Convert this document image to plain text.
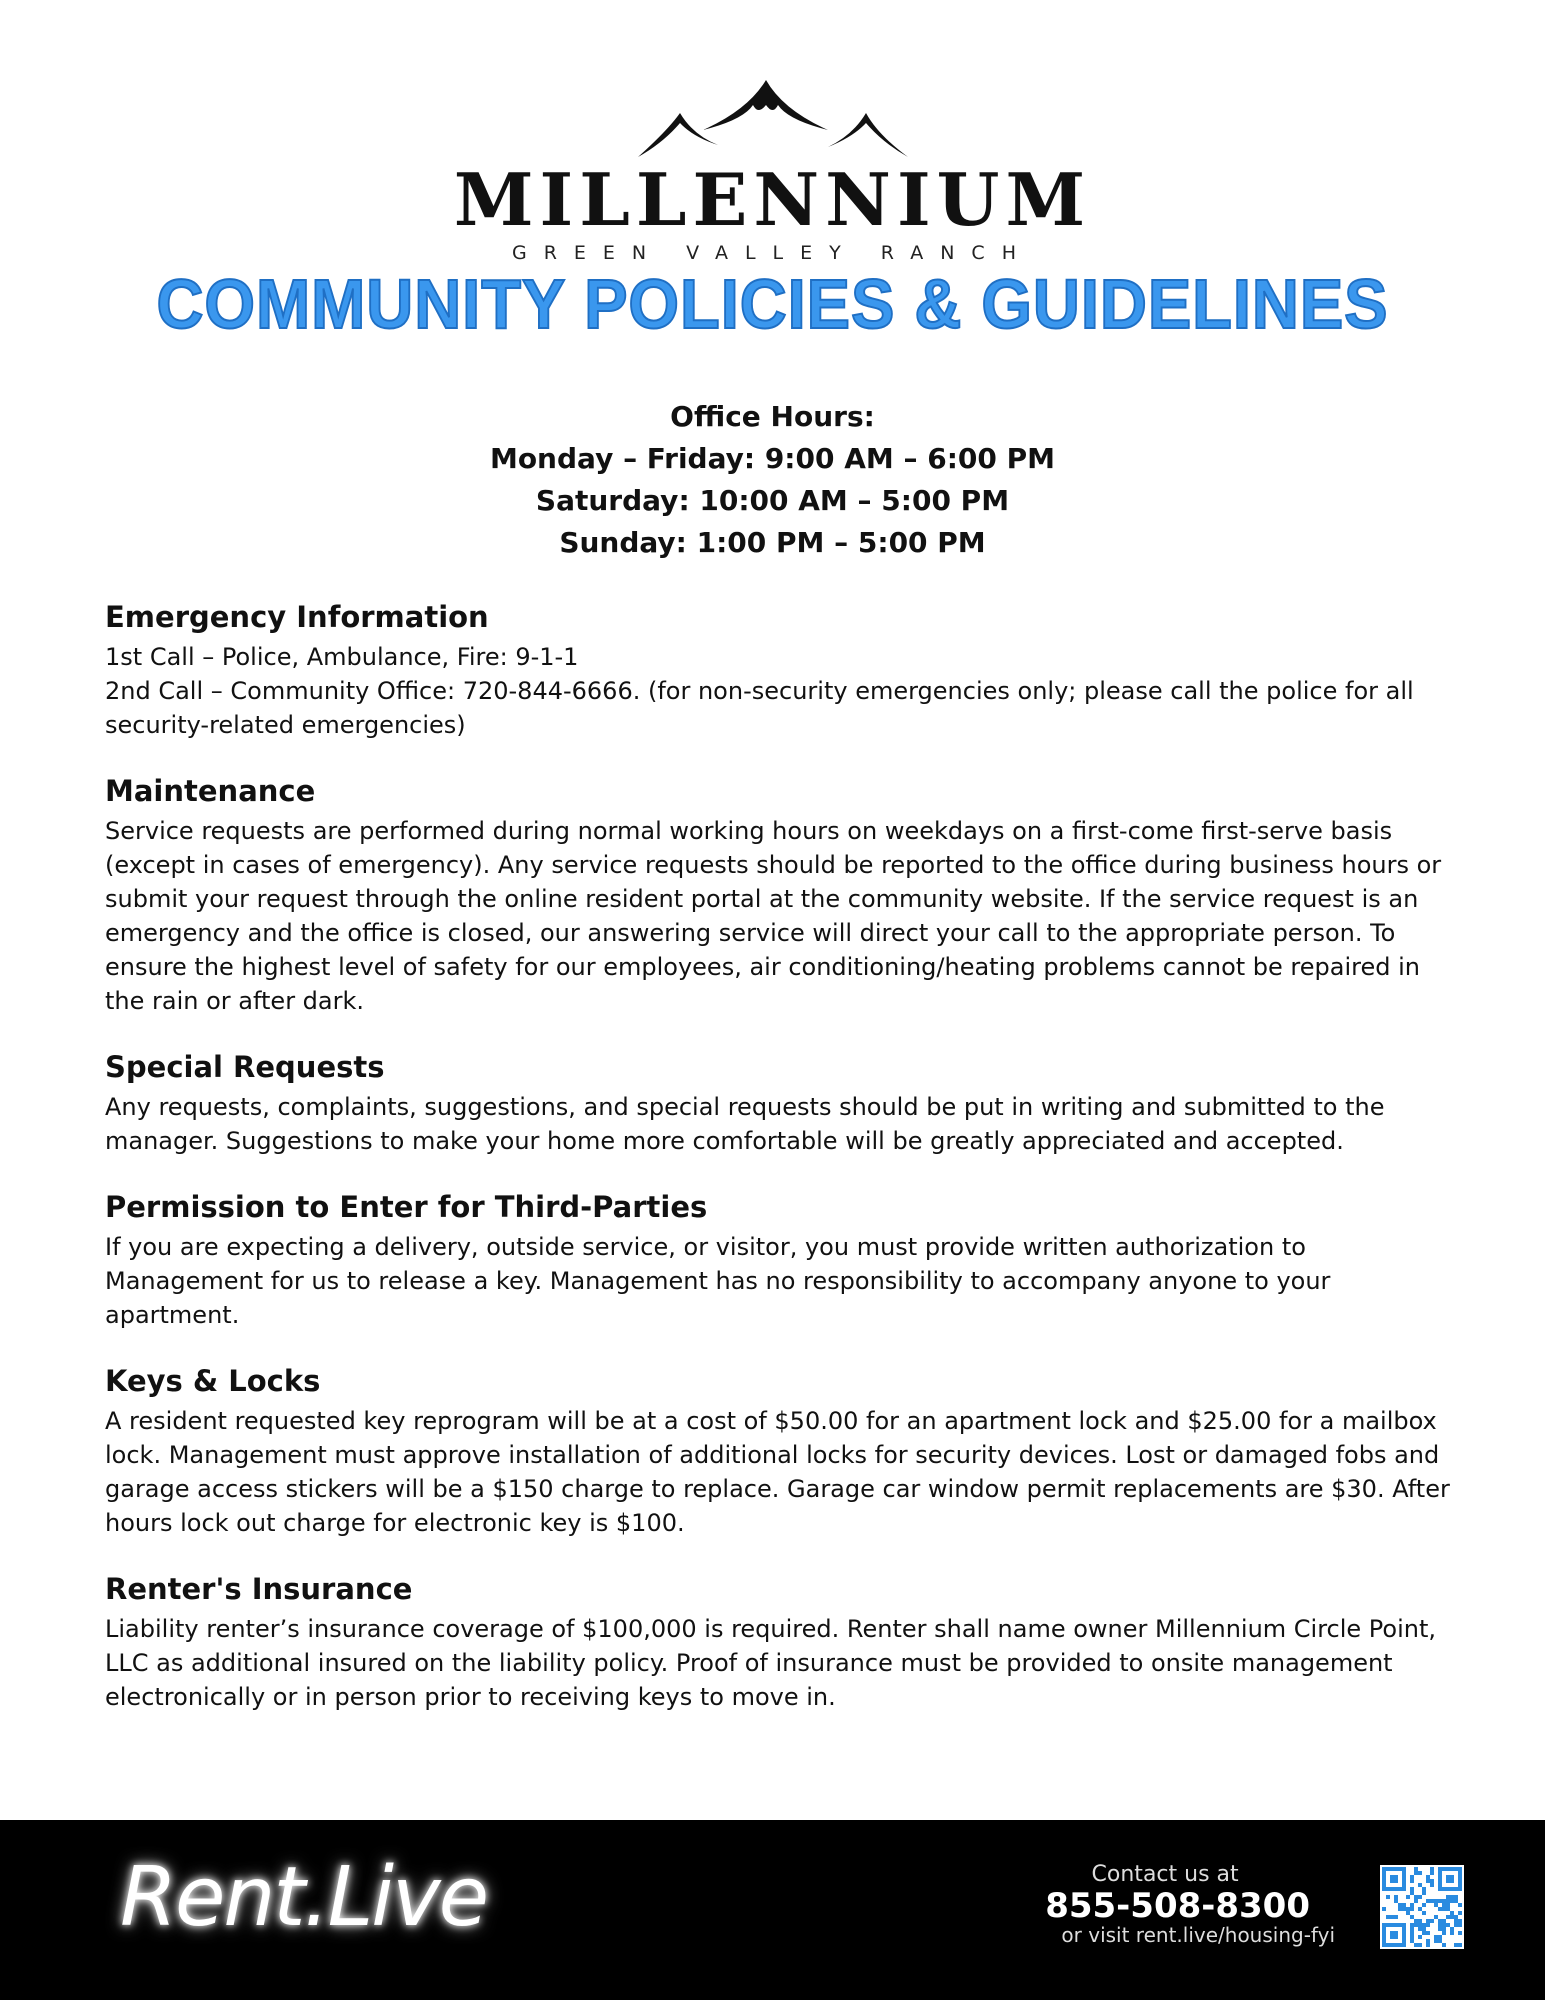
MILLENNIUM
GREEN VALLEY RANCH
COMMUNITY POLICIES & GUIDELINES
Office Hours:
Monday – Friday: 9:00 AM – 6:00 PM
Saturday: 10:00 AM – 5:00 PM
Sunday: 1:00 PM – 5:00 PM
Emergency Information

1st Call – Police, Ambulance, Fire: 9-1-1

2nd Call – Community Office: 720-844-6666. (for non-security emergencies only; please call the police for all security-related emergencies)

Maintenance

Service requests are performed during normal working hours on weekdays on a first-come first-serve basis (except in cases of emergency). Any service requests should be reported to the office during business hours or submit your request through the online resident portal at the community website. If the service request is an emergency and the office is closed, our answering service will direct your call to the appropriate person. To ensure the highest level of safety for our employees, air conditioning/heating problems cannot be repaired in the rain or after dark.

Special Requests

Any requests, complaints, suggestions, and special requests should be put in writing and submitted to the manager. Suggestions to make your home more comfortable will be greatly appreciated and accepted.

Permission to Enter for Third-Parties

If you are expecting a delivery, outside service, or visitor, you must provide written authorization to Management for us to release a key. Management has no responsibility to accompany anyone to your apartment.

Keys & Locks

A resident requested key reprogram will be at a cost of $50.00 for an apartment lock and $25.00 for a mailbox lock. Management must approve installation of additional locks for security devices. Lost or damaged fobs and garage access stickers will be a $150 charge to replace. Garage car window permit replacements are $30. After hours lock out charge for electronic key is $100.

Renter's Insurance

Liability renter’s insurance coverage of $100,000 is required. Renter shall name owner Millennium Circle Point, LLC as additional insured on the liability policy. Proof of insurance must be provided to onsite management electronically or in person prior to receiving keys to move in.

Rent.Live	Contact us at
855-508-8300
or visit rent.live/housing-fyi
